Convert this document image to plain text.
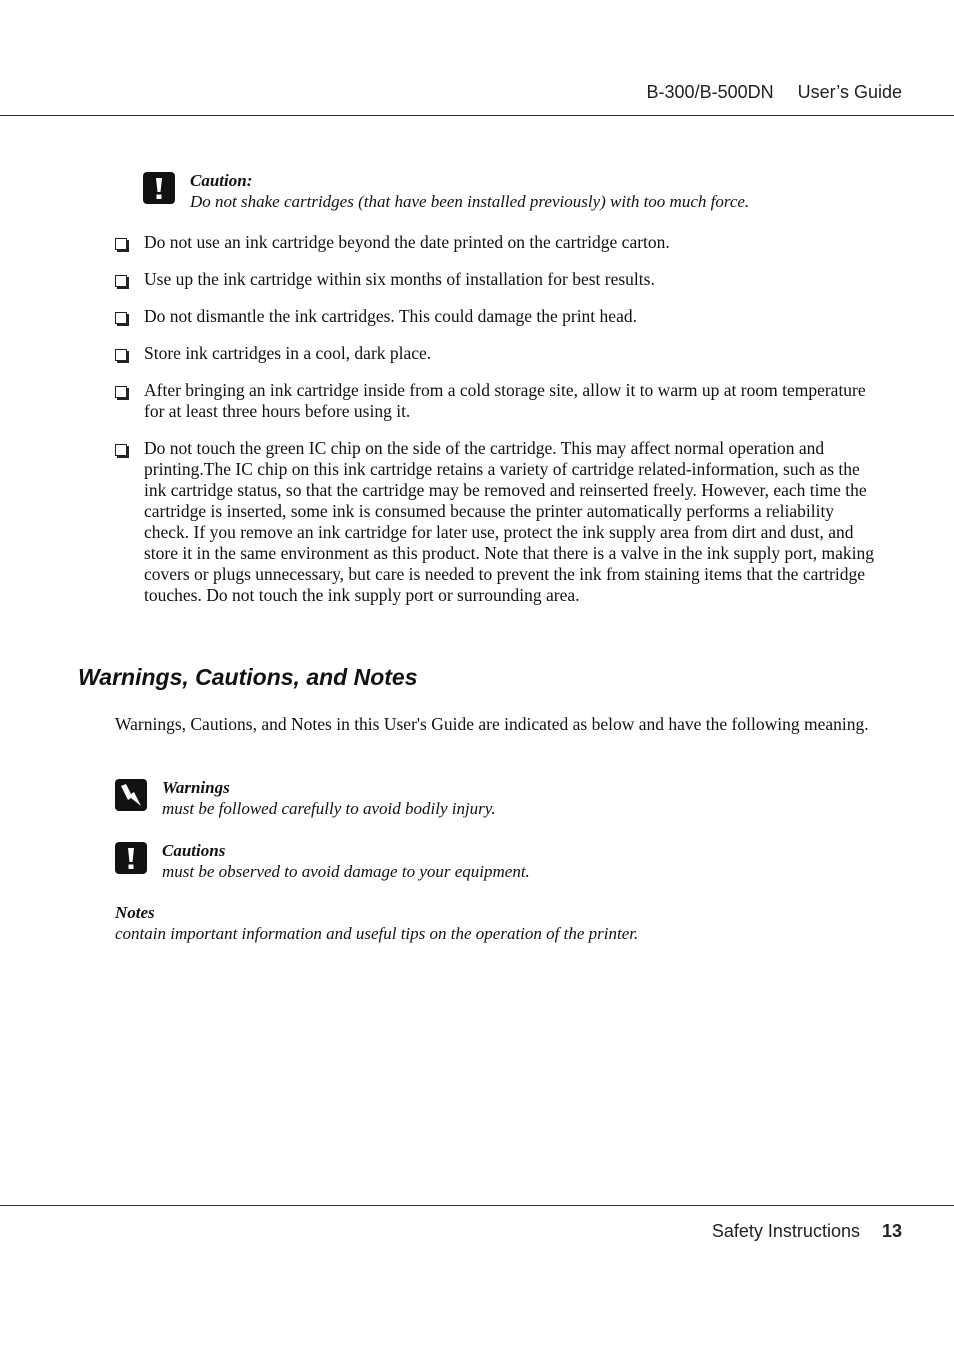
B-300/B-500DN User’s Guide
Caution:
Do not shake cartridges (that have been installed previously) with too much force.
Do not use an ink cartridge beyond the date printed on the cartridge carton.
Use up the ink cartridge within six months of installation for best results.
Do not dismantle the ink cartridges. This could damage the print head.
Store ink cartridges in a cool, dark place.
After bringing an ink cartridge inside from a cold storage site, allow it to warm up at room temperature for at least three hours before using it.
Do not touch the green IC chip on the side of the cartridge. This may affect normal operation and printing.The IC chip on this ink cartridge retains a variety of cartridge related-information, such as the ink cartridge status, so that the cartridge may be removed and reinserted freely. However, each time the cartridge is inserted, some ink is consumed because the printer automatically performs a reliability check. If you remove an ink cartridge for later use, protect the ink supply area from dirt and dust, and store it in the same environment as this product. Note that there is a valve in the ink supply port, making covers or plugs unnecessary, but care is needed to prevent the ink from staining items that the cartridge touches. Do not touch the ink supply port or surrounding area.
Warnings, Cautions, and Notes
Warnings, Cautions, and Notes in this User's Guide are indicated as below and have the following meaning.
Warnings
must be followed carefully to avoid bodily injury.
Cautions
must be observed to avoid damage to your equipment.
Notes
contain important information and useful tips on the operation of the printer.
Safety Instructions 13
